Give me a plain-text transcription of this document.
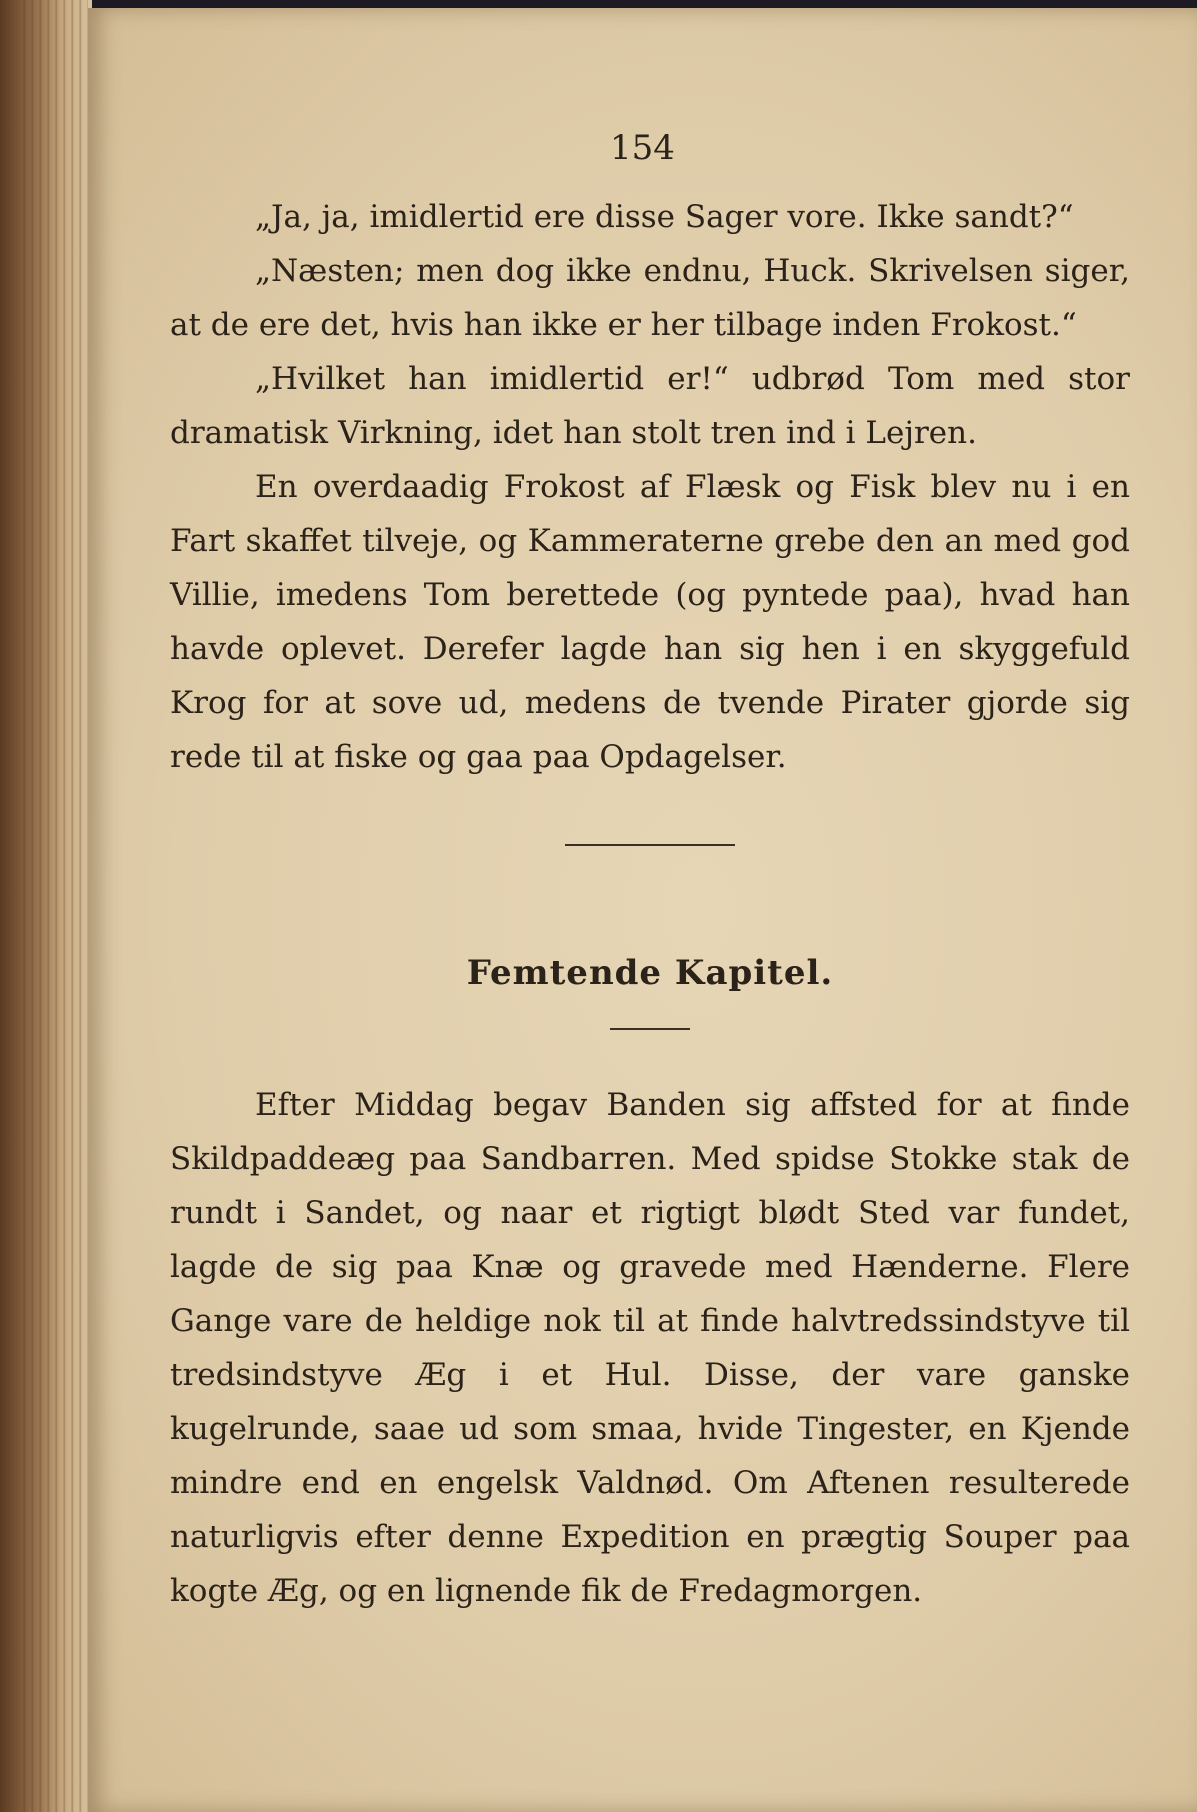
154

„Ja, ja, imidlertid ere disse Sager vore. Ikke sandt?“

„Næsten; men dog ikke endnu, Huck. Skrivelsen siger, at de ere det, hvis han ikke er her tilbage inden Frokost.“

„Hvilket han imidlertid er!“ udbrød Tom med stor dramatisk Virkning, idet han stolt tren ind i Lejren.

En overdaadig Frokost af Flæsk og Fisk blev nu i en Fart skaffet tilveje, og Kammeraterne grebe den an med god Villie, imedens Tom berettede (og pyntede paa), hvad han havde oplevet. Derefer lagde han sig hen i en skyggefuld Krog for at sove ud, medens de tvende Pirater gjorde sig rede til at fiske og gaa paa Opdagelser.

Femtende Kapitel.

Efter Middag begav Banden sig affsted for at finde Skildpaddeæg paa Sandbarren. Med spidse Stokke stak de rundt i Sandet, og naar et rigtigt blødt Sted var fundet, lagde de sig paa Knæ og gravede med Hænderne. Flere Gange vare de heldige nok til at finde halvtredssindstyve til tredsindstyve Æg i et Hul. Disse, der vare ganske kugelrunde, saae ud som smaa, hvide Tingester, en Kjende mindre end en engelsk Valdnød. Om Aftenen resulterede naturligvis efter denne Expedition en prægtig Souper paa kogte Æg, og en lignende fik de Fredagmorgen.
